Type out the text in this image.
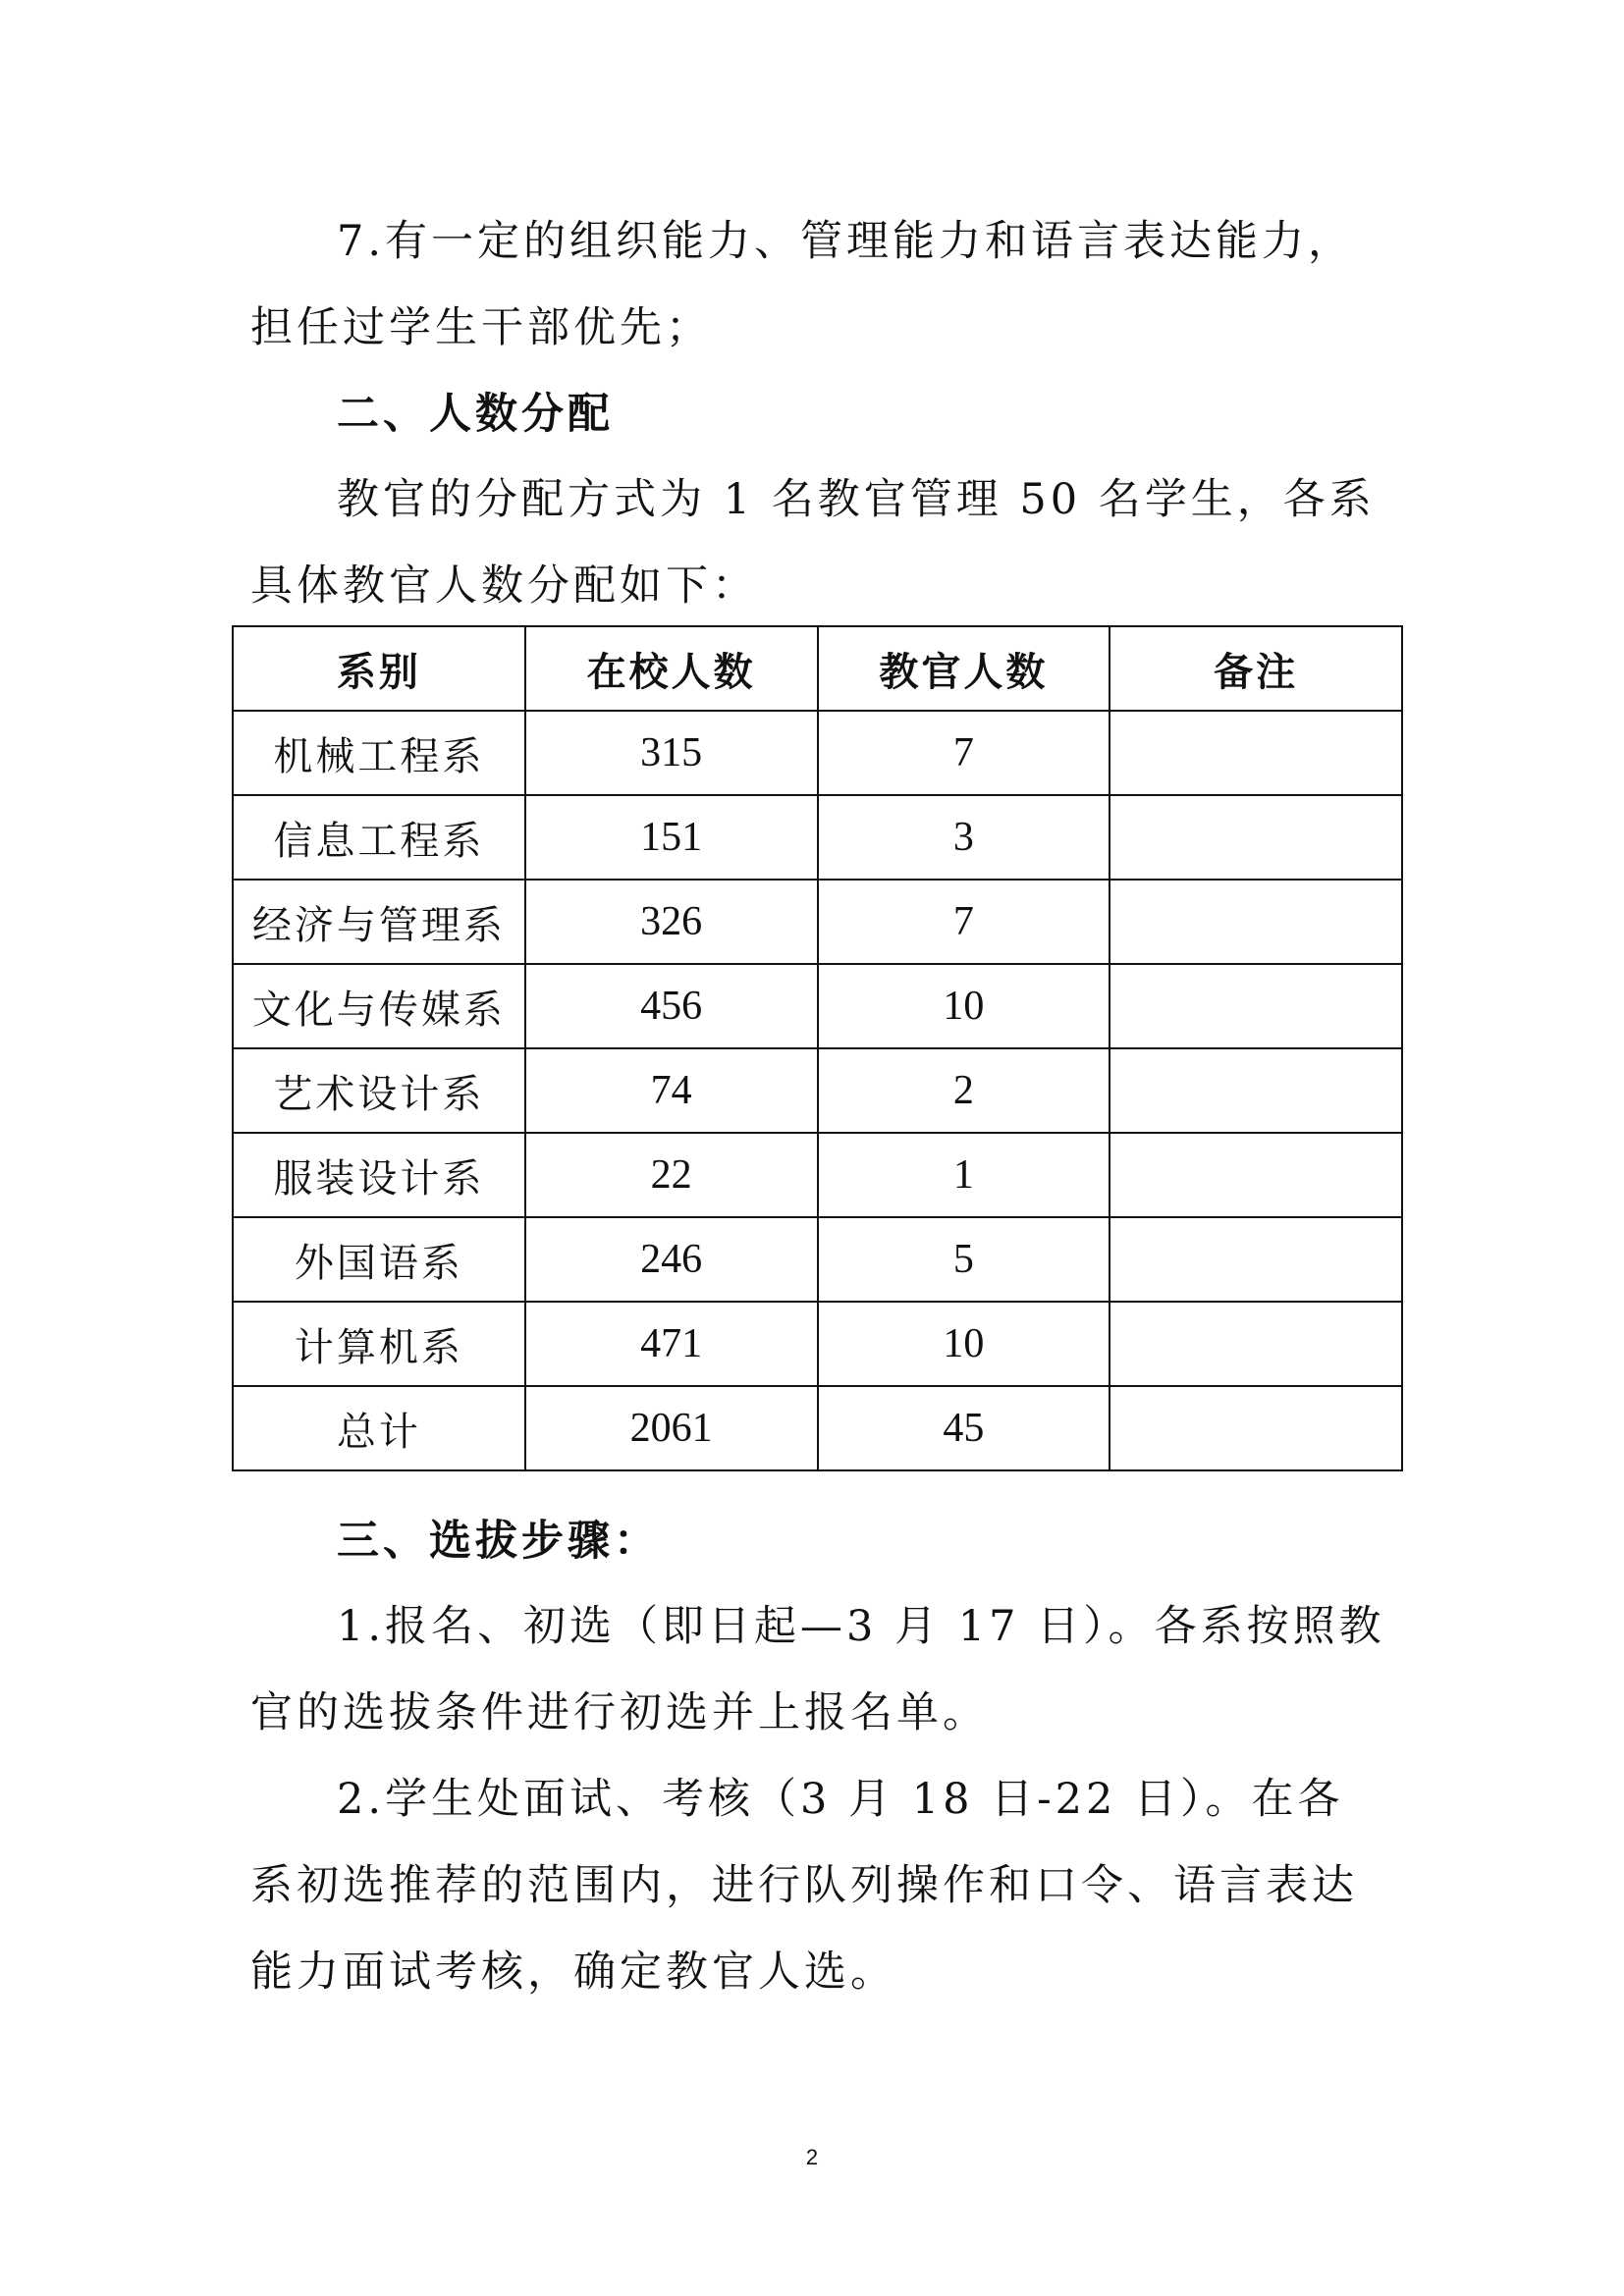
7.有一定的组织能力、管理能力和语言表达能力，担任过学生干部优先；

二、人数分配

教官的分配方式为 1 名教官管理 50 名学生，各系具体教官人数分配如下：

系别	在校人数	教官人数	备注
机械工程系	315	7	
信息工程系	151	3	
经济与管理系	326	7	
文化与传媒系	456	10	
艺术设计系	74	2	
服装设计系	22	1	
外国语系	246	5	
计算机系	471	10	
总计	2061	45	
三、选拔步骤：

1.报名、初选（即日起—3 月 17 日）。各系按照教官的选拔条件进行初选并上报名单。

2.学生处面试、考核（3 月 18 日-22 日）。在各系初选推荐的范围内，进行队列操作和口令、语言表达能力面试考核，确定教官人选。

2
